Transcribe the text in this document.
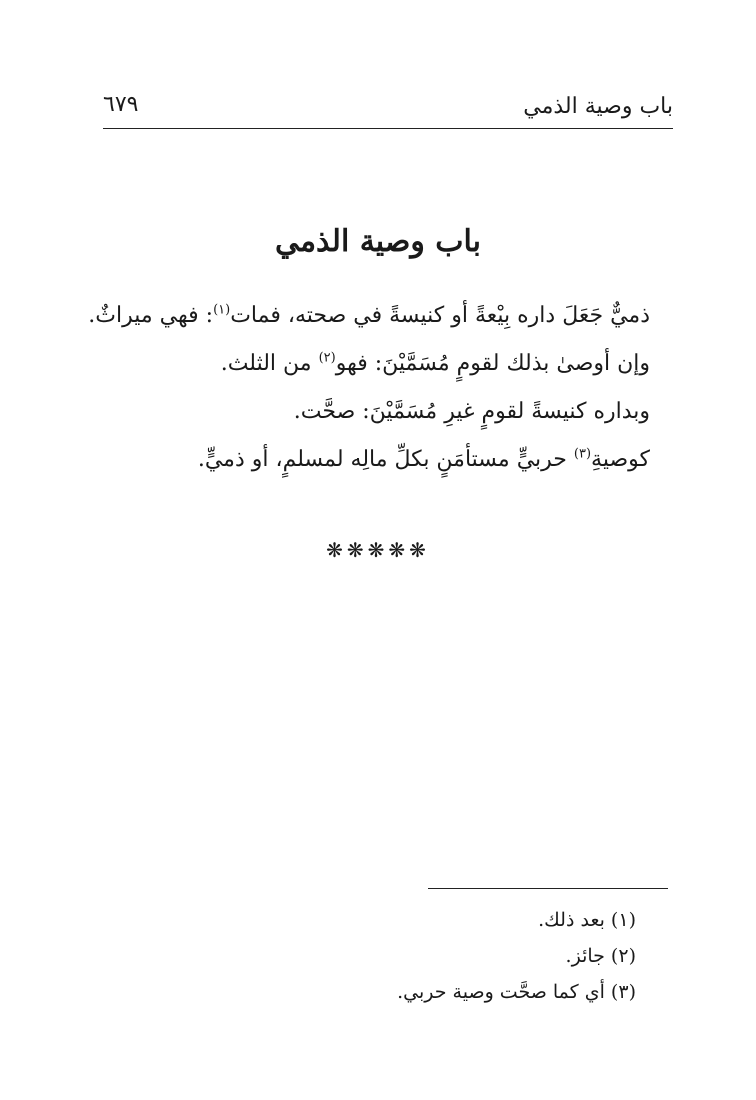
باب وصية الذمي
٦٧٩
باب وصية الذمي
ذميٌّ جَعَلَ داره بِيْعةً أو كنيسةً في صحته، فمات$^{(١)}$: فهي ميراثٌ.
وإن أوصىٰ بذلك لقومٍ مُسَمَّيْنَ: فهو$^{(٢)}$ من الثلث.
وبداره كنيسةً لقومٍ غيرِ مُسَمَّيْنَ: صحَّت.
كوصيةِ$^{(٣)}$ حربيٍّ مستأمَنٍ بكلِّ مالِه لمسلمٍ، أو ذميٍّ.
❋❋❋❋❋
(١) بعد ذلك.
(٢) جائز.
(٣) أي كما صحَّت وصية حربي.
